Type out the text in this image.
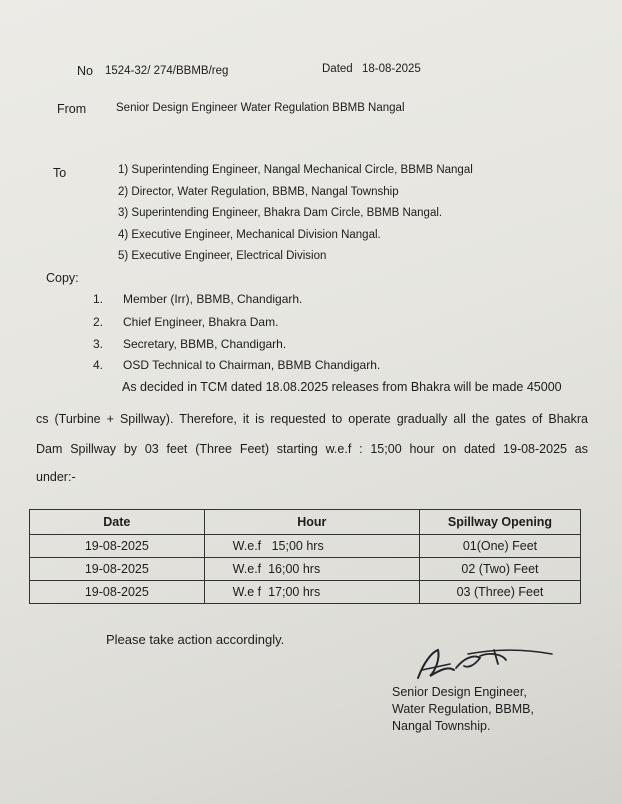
No 1524-32/ 274/BBMB/reg	Dated 18-08-2025
From	Senior Design Engineer Water Regulation BBMB Nangal
To	1) Superintending Engineer, Nangal Mechanical Circle, BBMB Nangal
2) Director, Water Regulation, BBMB, Nangal Township
3) Superintending Engineer, Bhakra Dam Circle, BBMB Nangal.
4) Executive Engineer, Mechanical Division Nangal.
5) Executive Engineer, Electrical Division
Copy:
1.	Member (Irr), BBMB, Chandigarh.
2.	Chief Engineer, Bhakra Dam.
3.	Secretary, BBMB, Chandigarh.
4.	OSD Technical to Chairman, BBMB Chandigarh.
As decided in TCM dated 18.08.2025 releases from Bhakra will be made 45000
cs (Turbine + Spillway). Therefore, it is requested to operate gradually all the gates of Bhakra
Dam Spillway by 03 feet (Three Feet) starting w.e.f : 15;00 hour on dated 19-08-2025 as
under:-
Date	Hour	Spillway Opening
19-08-2025	W.e.f   15;00 hrs	01(One) Feet
19-08-2025	W.e.f  16;00 hrs	02 (Two) Feet
19-08-2025	W.e f  17;00 hrs	03 (Three) Feet
Please take action accordingly.
Senior Design Engineer,
Water Regulation, BBMB,
Nangal Township.
